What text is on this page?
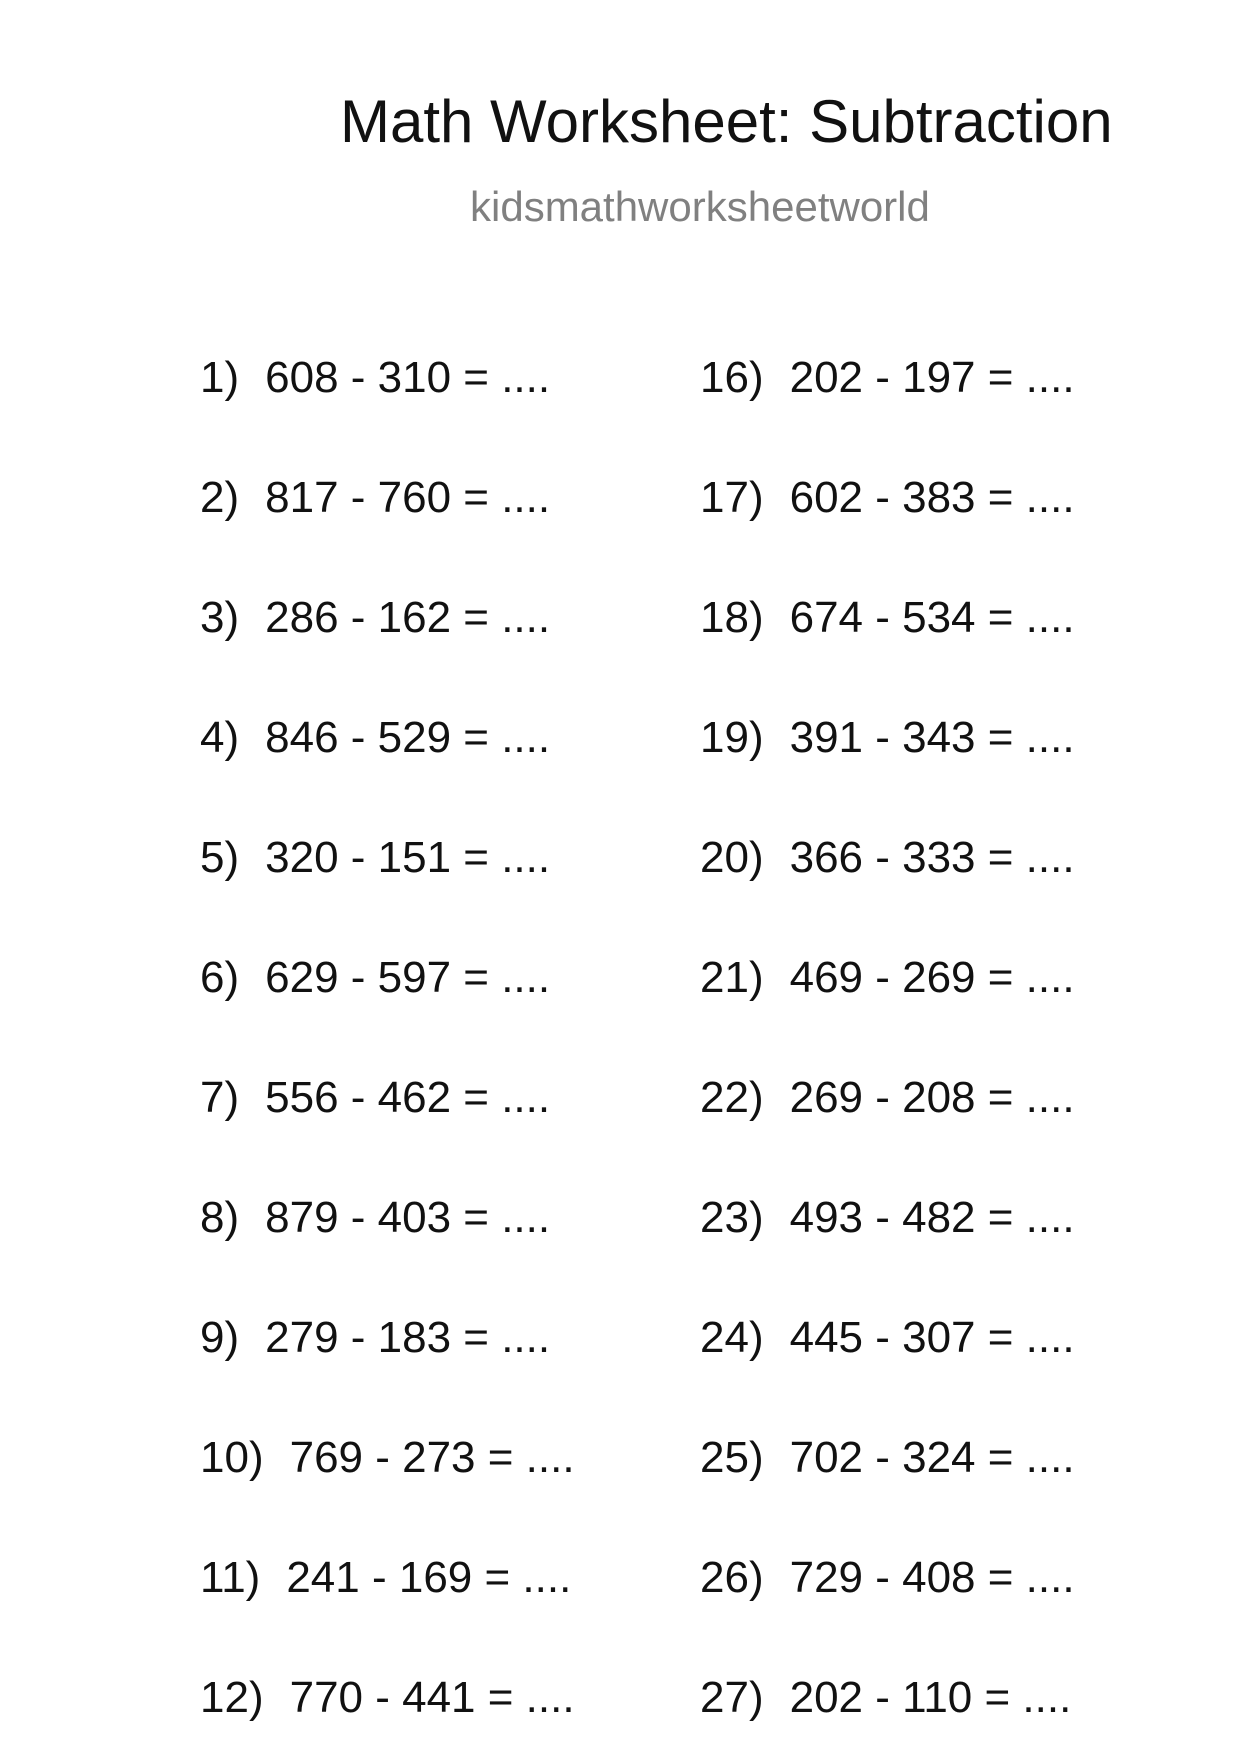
Math Worksheet: Subtraction
kidsmathworksheetworld
1) 608 - 310 = ....
2) 817 - 760 = ....
3) 286 - 162 = ....
4) 846 - 529 = ....
5) 320 - 151 = ....
6) 629 - 597 = ....
7) 556 - 462 = ....
8) 879 - 403 = ....
9) 279 - 183 = ....
10) 769 - 273 = ....
11) 241 - 169 = ....
12) 770 - 441 = ....
16) 202 - 197 = ....
17) 602 - 383 = ....
18) 674 - 534 = ....
19) 391 - 343 = ....
20) 366 - 333 = ....
21) 469 - 269 = ....
22) 269 - 208 = ....
23) 493 - 482 = ....
24) 445 - 307 = ....
25) 702 - 324 = ....
26) 729 - 408 = ....
27) 202 - 110 = ....
